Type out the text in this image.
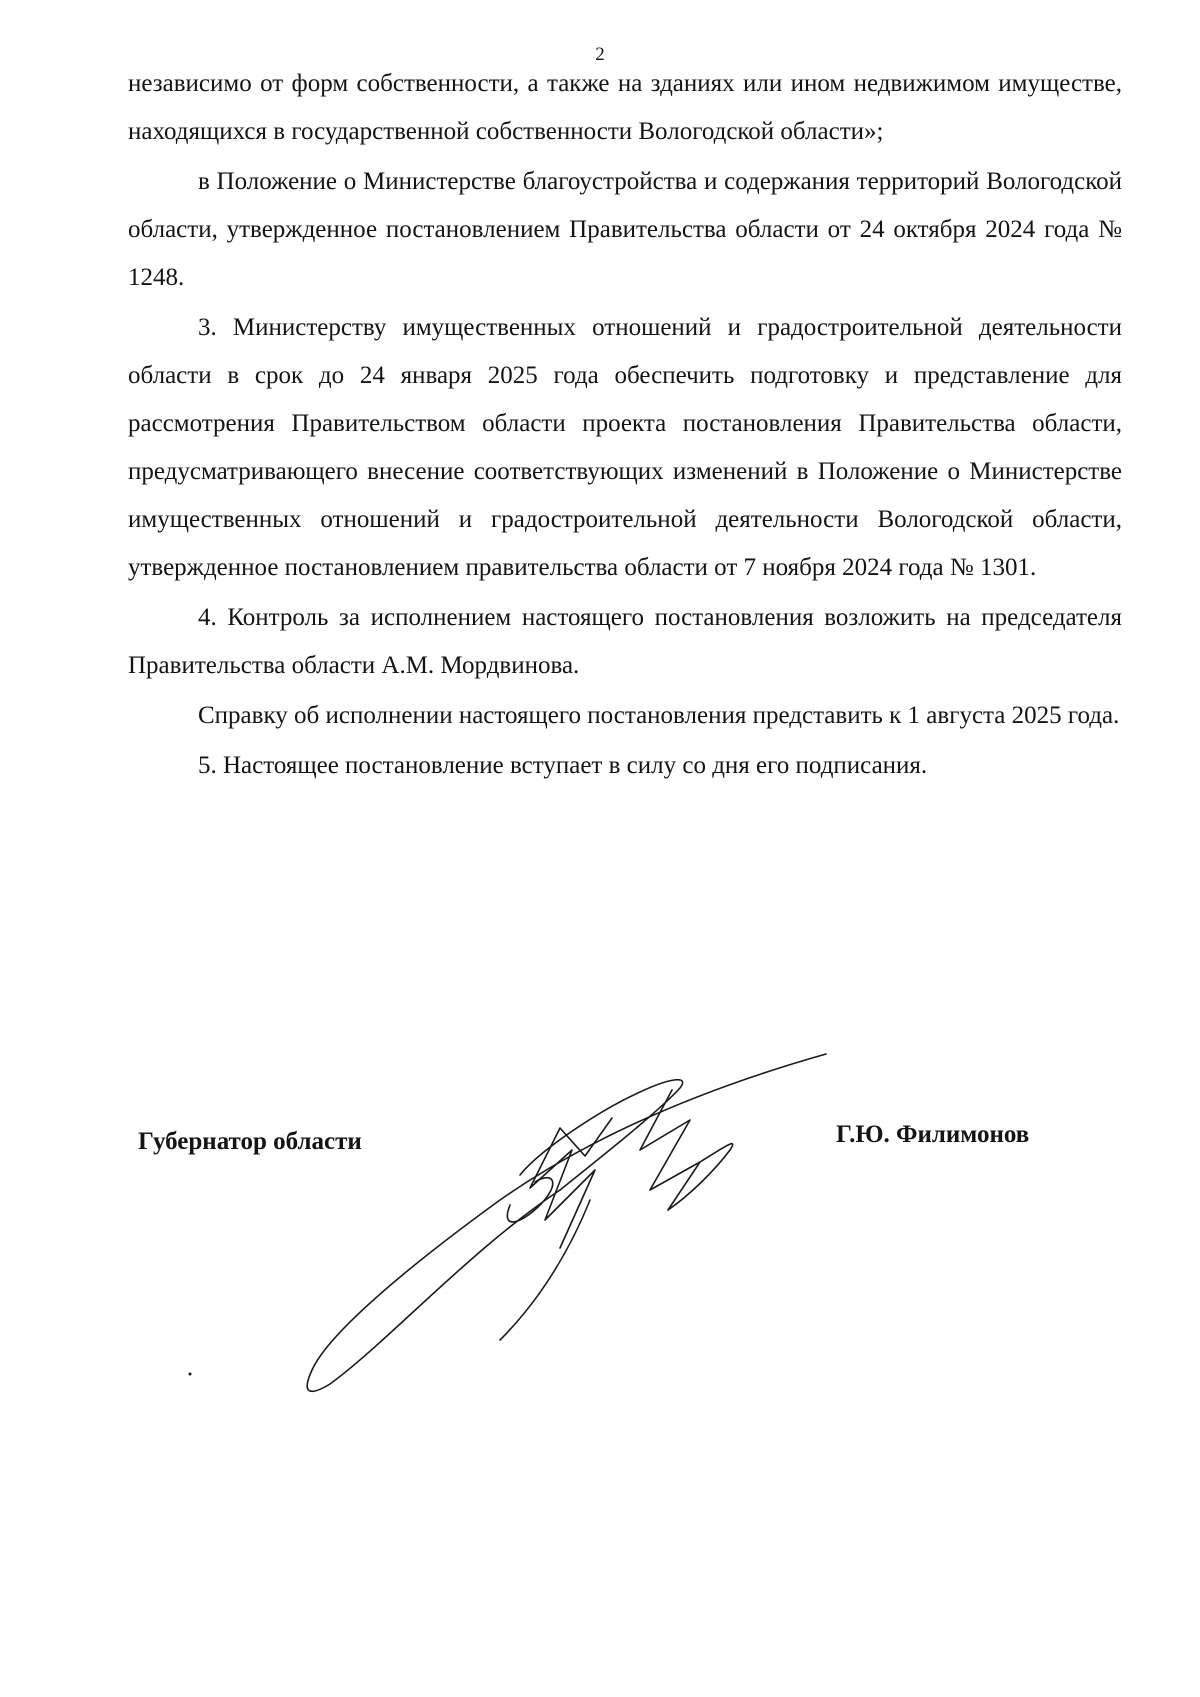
2

независимо от форм собственности, а также на зданиях или ином недвижимом имуществе, находящихся в государственной собственности Вологодской области»;

в Положение о Министерстве благоустройства и содержания территорий Вологодской области, утвержденное постановлением Правительства области от 24 октября 2024 года № 1248.

3. Министерству имущественных отношений и градостроительной деятельности области в срок до 24 января 2025 года обеспечить подготовку и представление для рассмотрения Правительством области проекта постановления Правительства области, предусматривающего внесение соответствующих изменений в Положение о Министерстве имущественных отношений и градостроительной деятельности Вологодской области, утвержденное постановлением правительства области от 7 ноября 2024 года № 1301.

4. Контроль за исполнением настоящего постановления возложить на председателя Правительства области А.М. Мордвинова.

Справку об исполнении настоящего постановления представить к 1 августа 2025 года.

5. Настоящее постановление вступает в силу со дня его подписания.

Губернатор области	Г.Ю. Филимонов
